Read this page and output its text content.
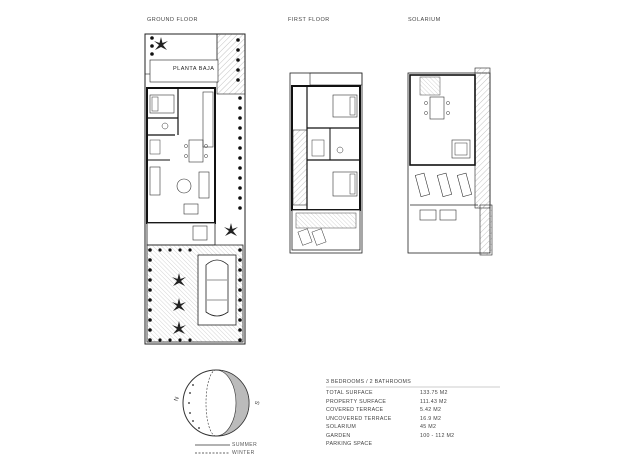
GROUND FLOOR	FIRST FLOOR	SOLARIUM
PLANTA BAJA
N
S
SUMMER
WINTER
3 BEDROOMS / 2 BATHROOMS
TOTAL SURFACE	133.75 M2
PROPERTY SURFACE	111.43 M2
COVERED TERRACE	5.42 M2
UNCOVERED TERRACE	16.9 M2
SOLARIUM	45 M2
GARDEN	100 - 112 M2
PARKING SPACE
